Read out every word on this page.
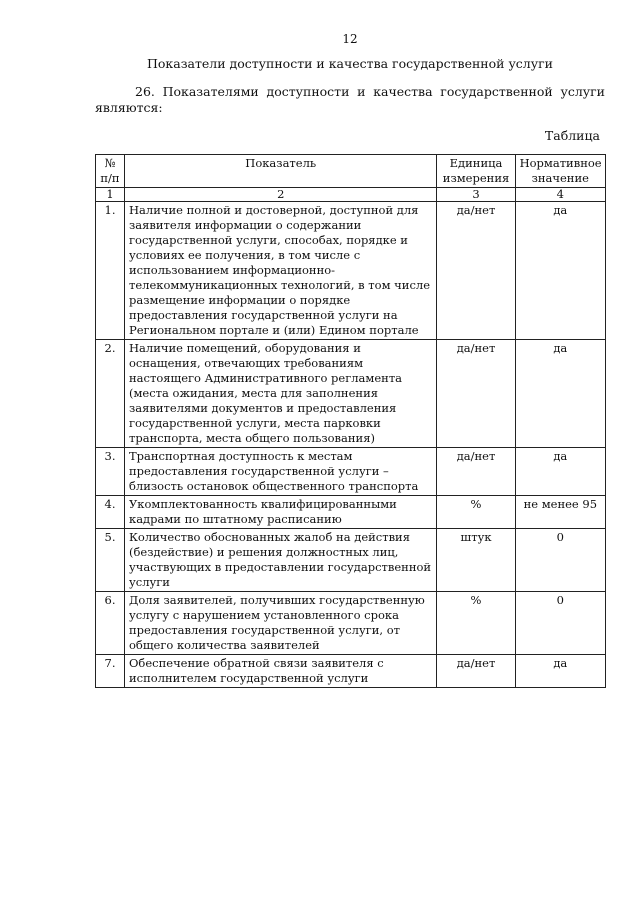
12
Показатели доступности и качества государственной услуги
26. Показателями доступности и качества государственной услуги
являются:
Таблица
№ п/п	Показатель	Единица измерения	Нормативное значение
1	2	3	4
1.	Наличие полной и достоверной, доступной для заявителя информации о содержании государственной услуги, способах, порядке и условиях ее получения, в том числе с использованием информационно-телекоммуникационных технологий, в том числе размещение информации о порядке предоставления государственной услуги на Региональном портале и (или) Едином портале	да/нет	да
2.	Наличие помещений, оборудования и оснащения, отвечающих требованиям настоящего Административного регламента (места ожидания, места для заполнения заявителями документов и предоставления государственной услуги, места парковки транспорта, места общего пользования)	да/нет	да
3.	Транспортная доступность к местам предоставления государственной услуги – близость остановок общественного транспорта	да/нет	да
4.	Укомплектованность квалифицированными кадрами по штатному расписанию	%	не менее 95
5.	Количество обоснованных жалоб на действия (бездействие) и решения должностных лиц, участвующих в предоставлении государственной услуги	штук	0
6.	Доля заявителей, получивших государственную услугу с нарушением установленного срока предоставления государственной услуги, от общего количества заявителей	%	0
7.	Обеспечение обратной связи заявителя с исполнителем государственной услуги	да/нет	да
